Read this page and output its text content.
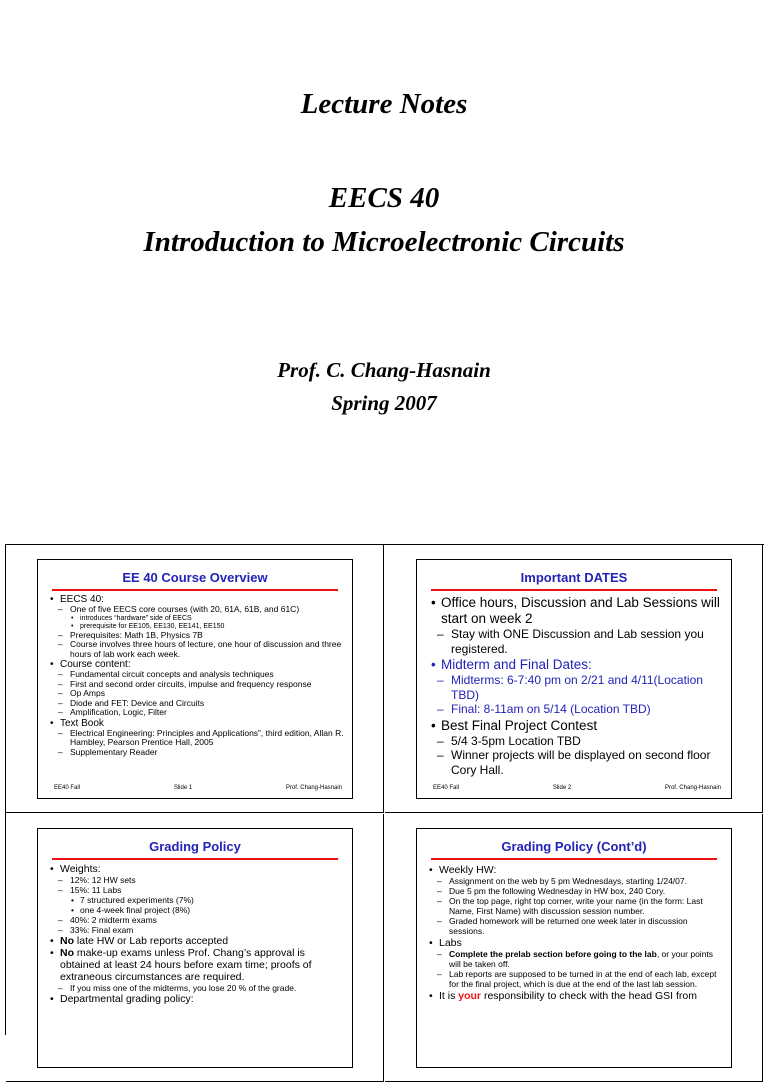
Lecture Notes
EECS 40
Introduction to Microelectronic Circuits
Prof. C. Chang-Hasnain
Spring 2007
EE 40 Course Overview
• EECS 40:
– One of five EECS core courses (with 20, 61A, 61B, and 61C)
• introduces “hardware” side of EECS
• prerequisite for EE105, EE130, EE141, EE150
– Prerequisites: Math 1B, Physics 7B
– Course involves three hours of lecture, one hour of discussion and three hours of lab work each week.
• Course content:
– Fundamental circuit concepts and analysis techniques
– First and second order circuits, impulse and frequency response
– Op Amps
– Diode and FET: Device and Circuits
– Amplification, Logic, Filter
• Text Book
– Electrical Engineering: Principles and Applications”, third edition, Allan R. Hambley, Pearson Prentice Hall, 2005
– Supplementary Reader
EE40 Fall	Slide 1	Prof. Chang-Hasnain
Important DATES
• Office hours, Discussion and Lab Sessions will start on week 2
– Stay with ONE Discussion and Lab session you registered.
• Midterm and Final Dates:
– Midterms: 6-7:40 pm on 2/21 and 4/11(Location TBD)
– Final: 8-11am on 5/14 (Location TBD)
• Best Final Project Contest
– 5/4 3-5pm Location TBD
– Winner projects will be displayed on second floor Cory Hall.
EE40 Fall	Slide 2	Prof. Chang-Hasnain
Grading Policy
• Weights:
– 12%: 12 HW sets
– 15%: 11 Labs
• 7 structured experiments (7%)
• one 4-week final project (8%)
– 40%: 2 midterm exams
– 33%: Final exam
• No late HW or Lab reports accepted
• No make-up exams unless Prof. Chang’s approval is obtained at least 24 hours before exam time; proofs of extraneous circumstances are required.
– If you miss one of the midterms, you lose 20 % of the grade.
• Departmental grading policy:
Grading Policy (Cont’d)
• Weekly HW:
– Assignment on the web by 5 pm Wednesdays, starting 1/24/07.
– Due 5 pm the following Wednesday in HW box, 240 Cory.
– On the top page, right top corner, write your name (in the form: Last Name, First Name) with discussion session number.
– Graded homework will be returned one week later in discussion sessions.
• Labs
– Complete the prelab section before going to the lab, or your points will be taken off.
– Lab reports are supposed to be turned in at the end of each lab, except for the final project, which is due at the end of the last lab session.
• It is your responsibility to check with the head GSI from
